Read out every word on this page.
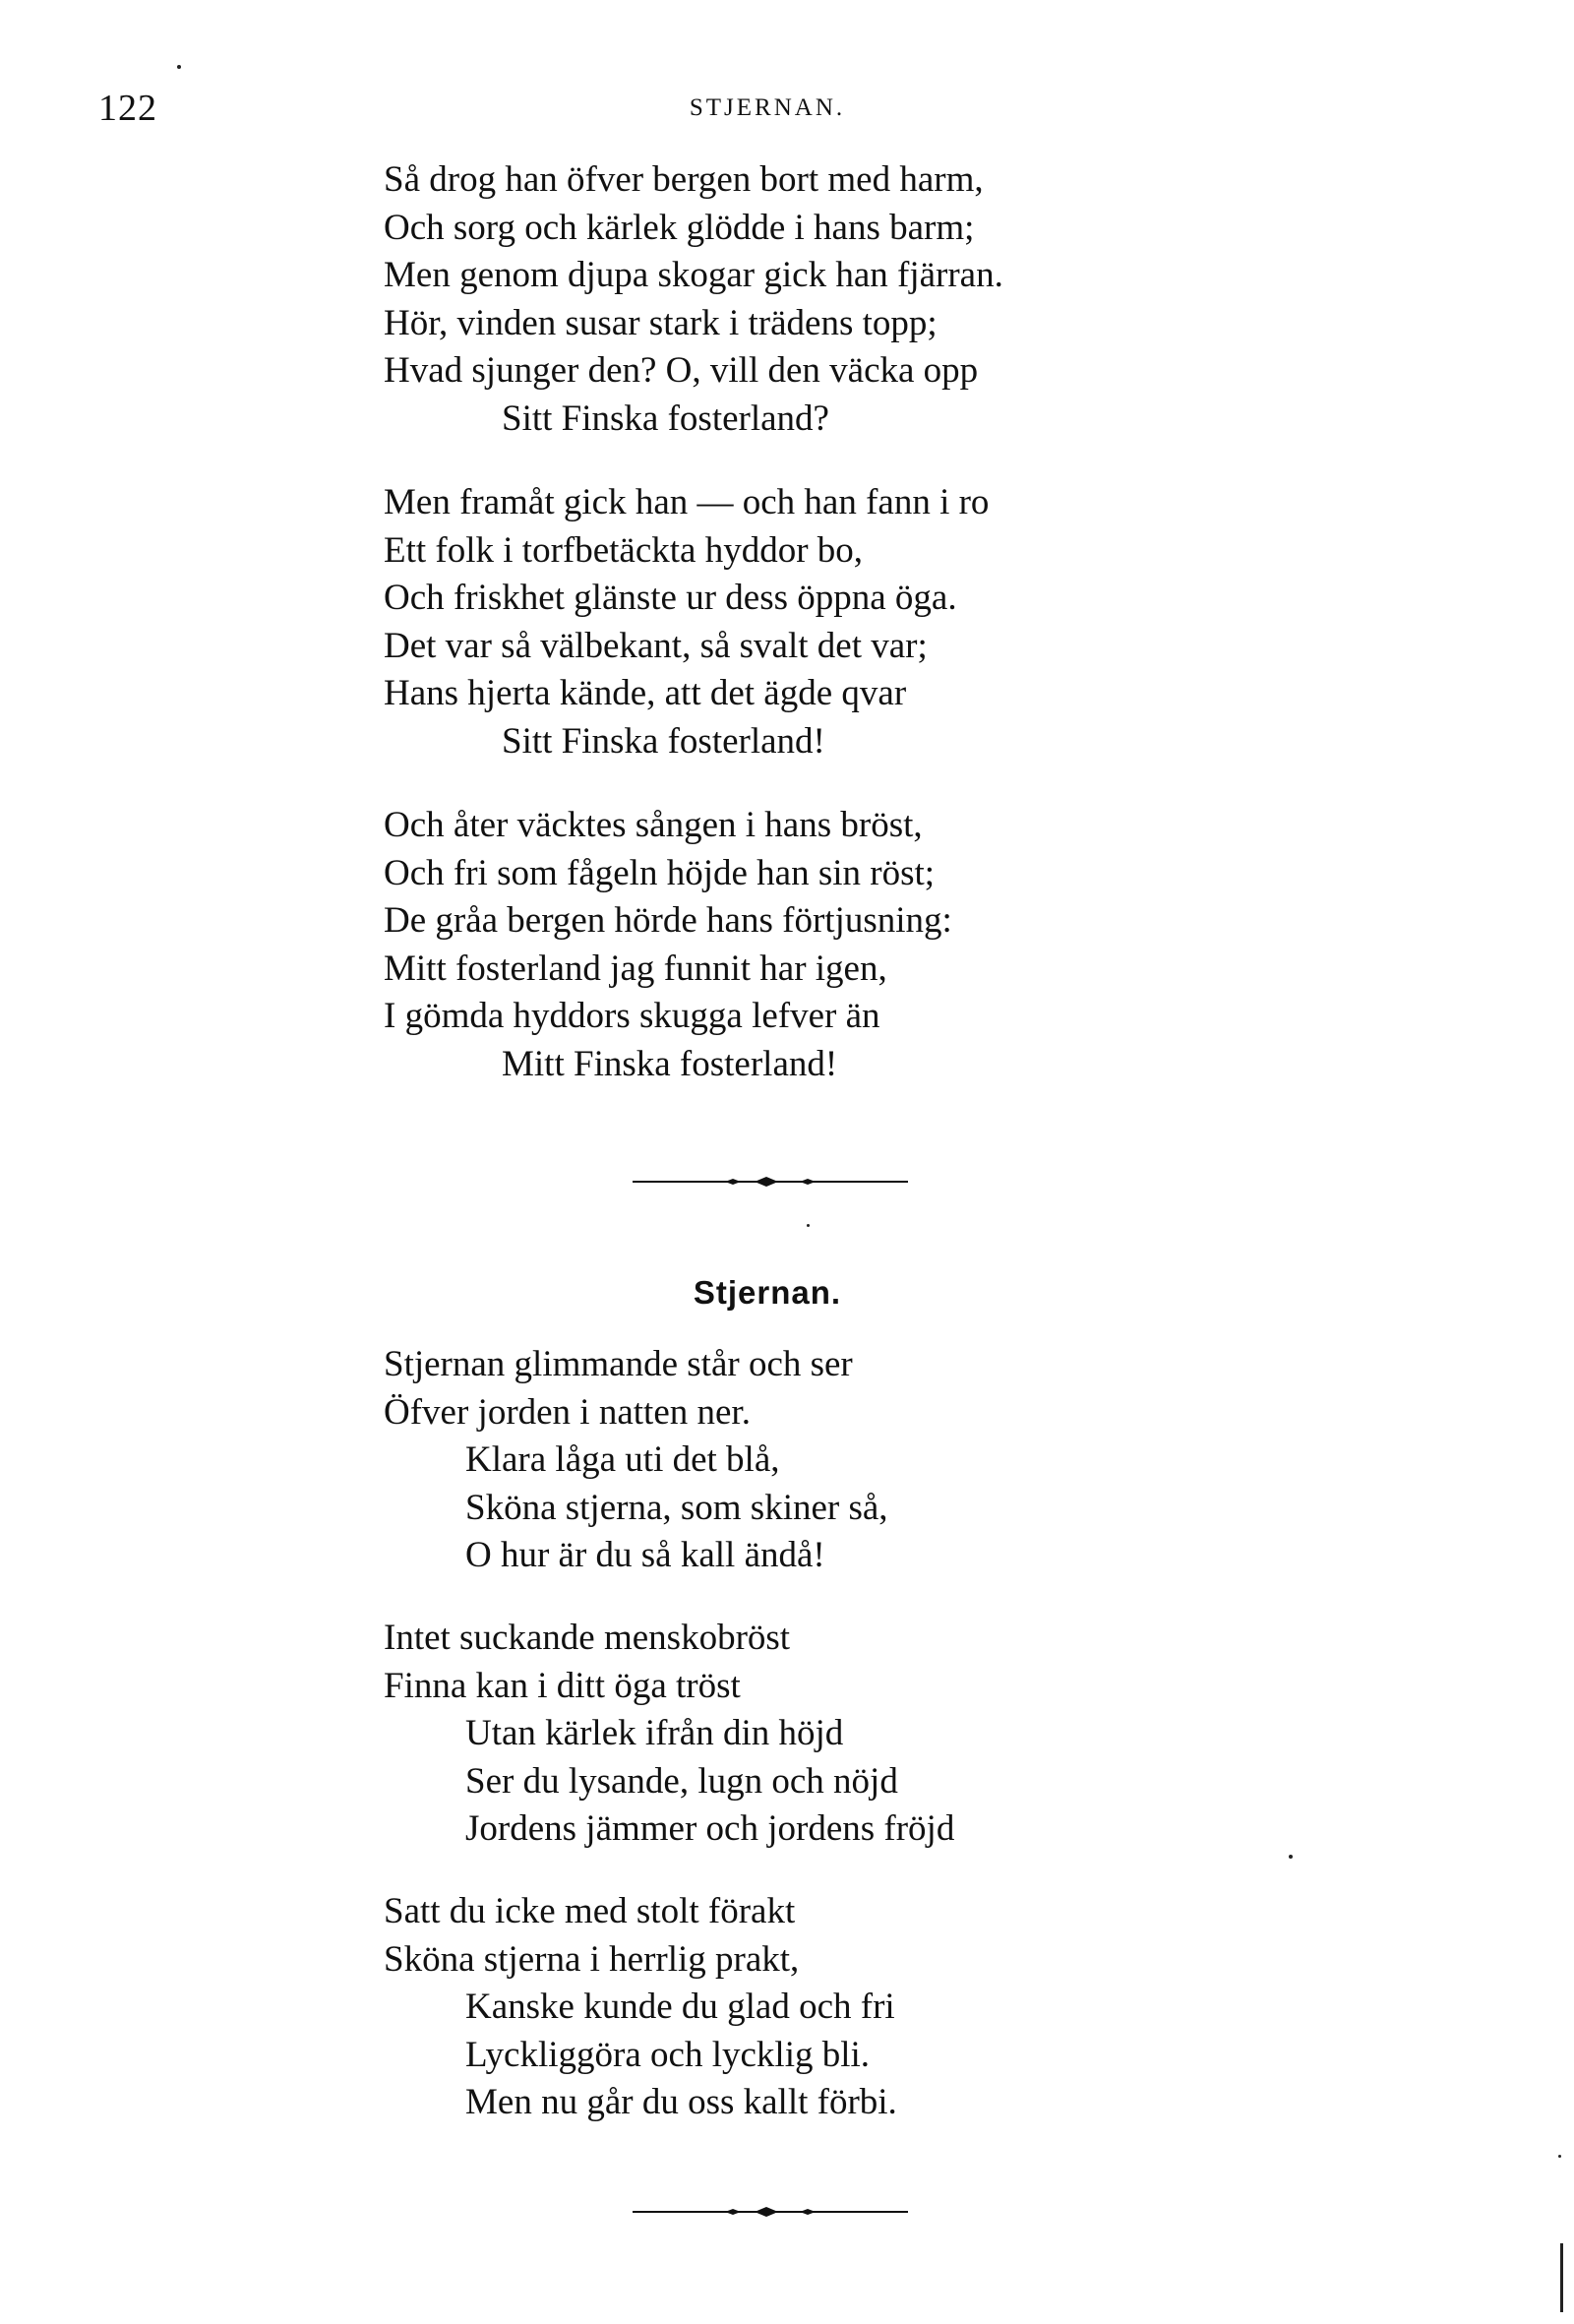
122	STJERNAN.
Så drog han öfver bergen bort med harm,
Och sorg och kärlek glödde i hans barm;
Men genom djupa skogar gick han fjärran.
Hör, vinden susar stark i trädens topp;
Hvad sjunger den? O, vill den väcka opp
Sitt Finska fosterland?
Men framåt gick han — och han fann i ro
Ett folk i torfbetäckta hyddor bo,
Och friskhet glänste ur dess öppna öga.
Det var så välbekant, så svalt det var;
Hans hjerta kände, att det ägde qvar
Sitt Finska fosterland!
Och åter väcktes sången i hans bröst,
Och fri som fågeln höjde han sin röst;
De gråa bergen hörde hans förtjusning:
Mitt fosterland jag funnit har igen,
I gömda hyddors skugga lefver än
Mitt Finska fosterland!
Stjernan.
Stjernan glimmande står och ser
Öfver jorden i natten ner.
Klara låga uti det blå,
Sköna stjerna, som skiner så,
O hur är du så kall ändå!
Intet suckande menskobröst
Finna kan i ditt öga tröst
Utan kärlek ifrån din höjd
Ser du lysande, lugn och nöjd
Jordens jämmer och jordens fröjd
Satt du icke med stolt förakt
Sköna stjerna i herrlig prakt,
Kanske kunde du glad och fri
Lyckliggöra och lycklig bli.
Men nu går du oss kallt förbi.
